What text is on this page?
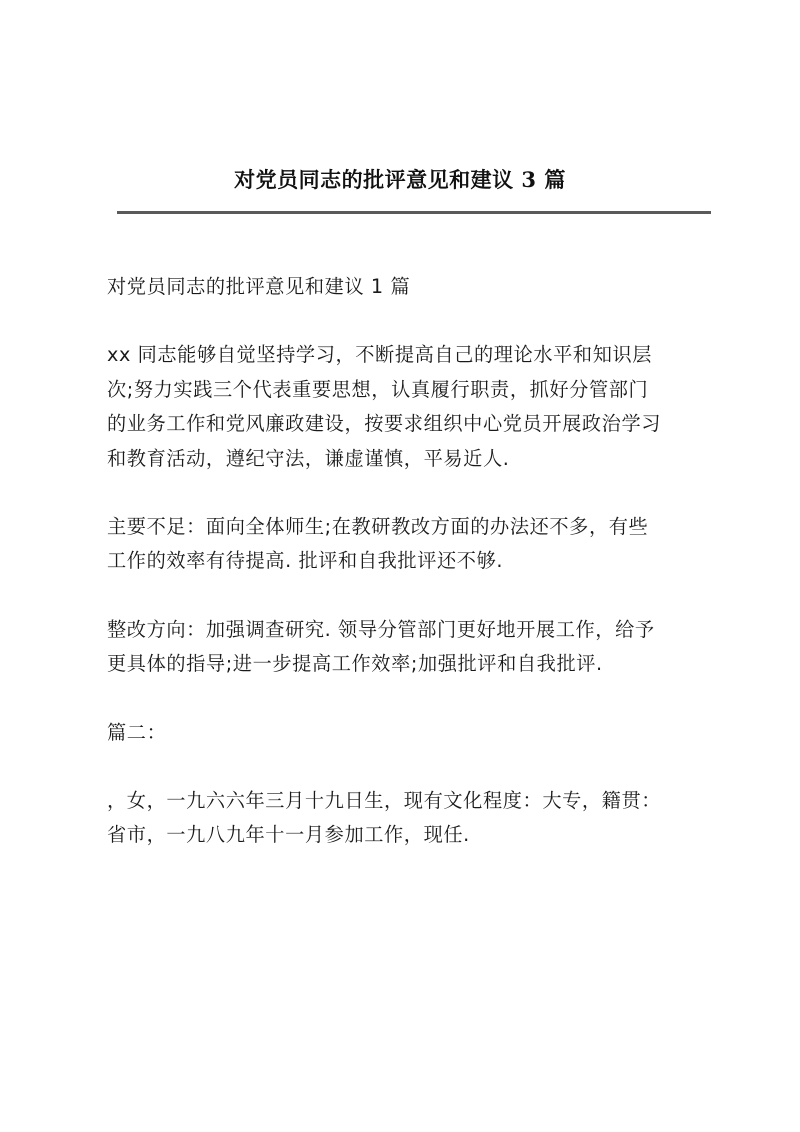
对党员同志的批评意见和建议 3 篇

对党员同志的批评意见和建议 1 篇

xx 同志能够自觉坚持学习，不断提高自己的理论水平和知识层
次;努力实践三个代表重要思想，认真履行职责，抓好分管部门
的业务工作和党风廉政建设，按要求组织中心党员开展政治学习
和教育活动，遵纪守法，谦虚谨慎，平易近人.

主要不足：面向全体师生;在教研教改方面的办法还不多，有些
工作的效率有待提高. 批评和自我批评还不够.

整改方向：加强调查研究. 领导分管部门更好地开展工作，给予
更具体的指导;进一步提高工作效率;加强批评和自我批评.

篇二：

，女，一九六六年三月十九日生，现有文化程度：大专，籍贯：
省市，一九八九年十一月参加工作，现任.
